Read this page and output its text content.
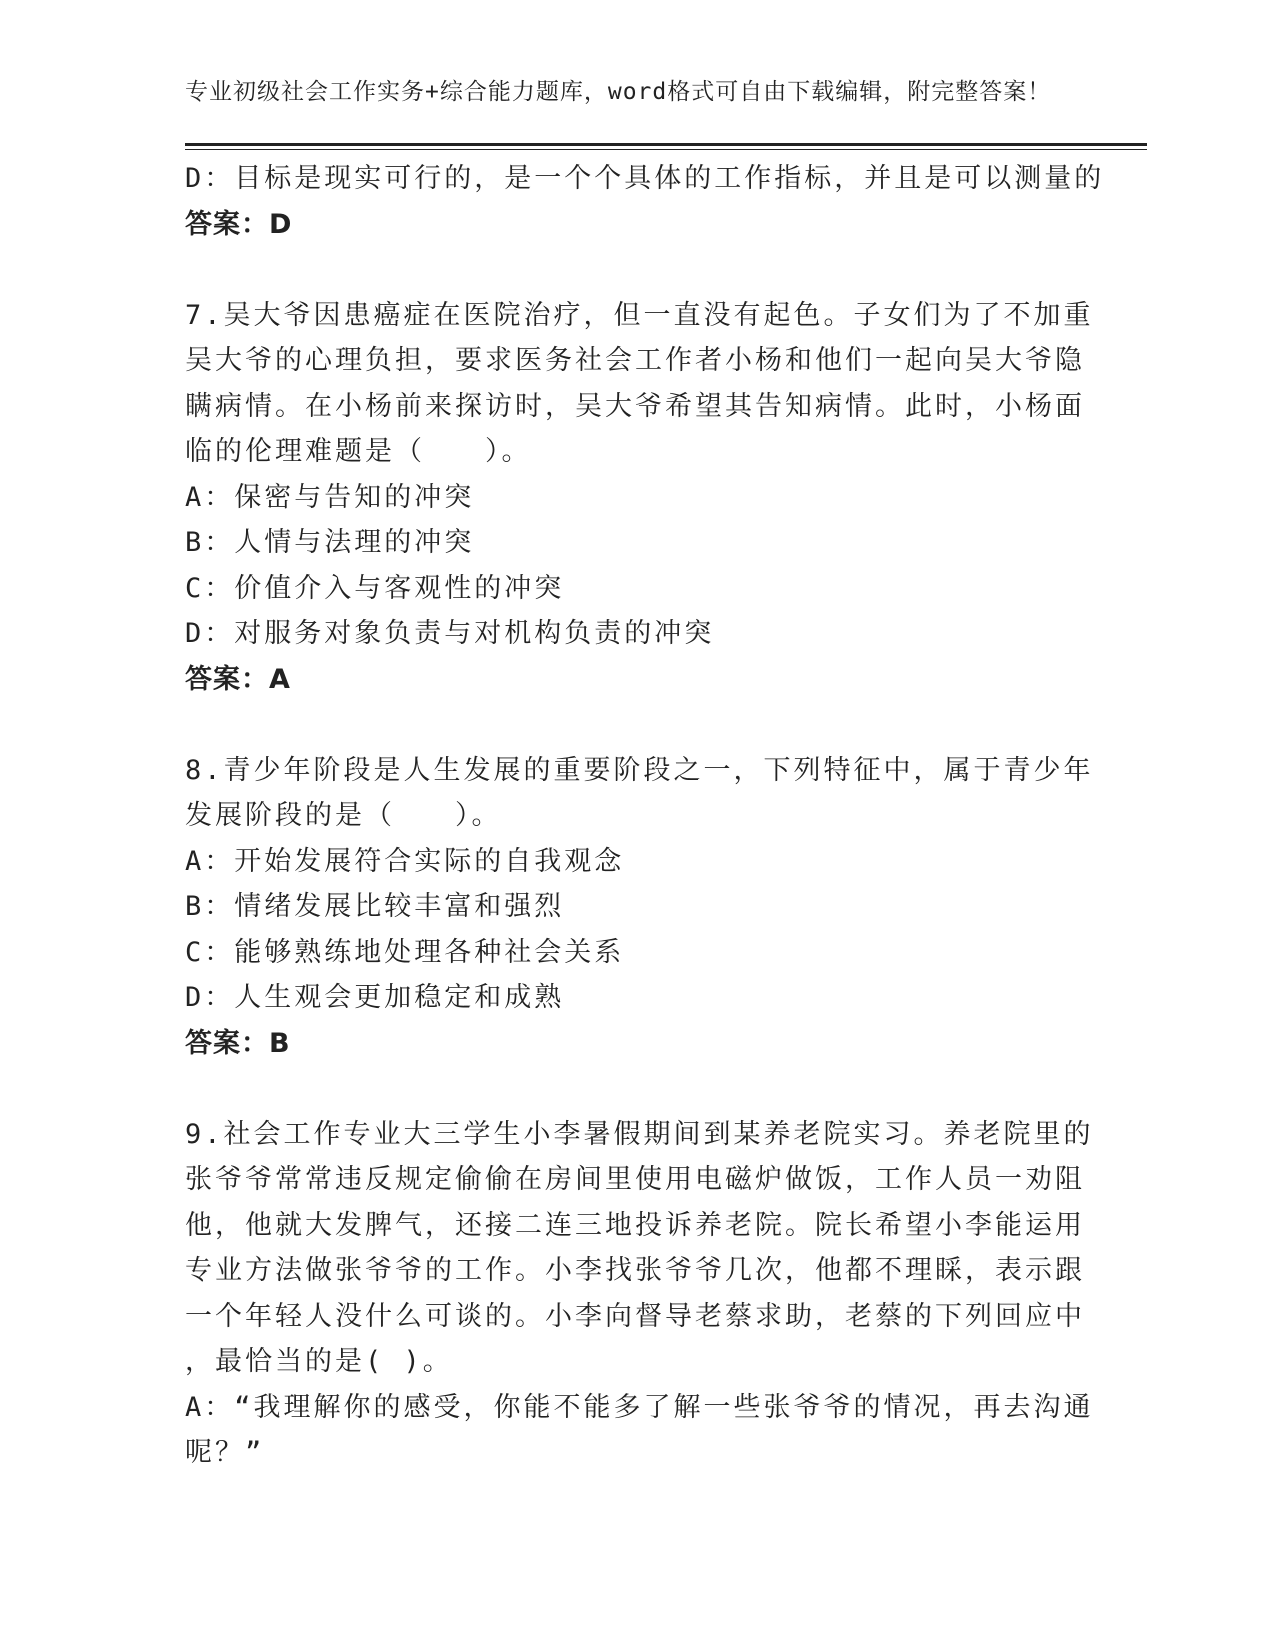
专业初级社会工作实务+综合能力题库，word格式可自由下载编辑，附完整答案！
D：目标是现实可行的，是一个个具体的工作指标，并且是可以测量的
答案：D
7.吴大爷因患癌症在医院治疗，但一直没有起色。子女们为了不加重
吴大爷的心理负担，要求医务社会工作者小杨和他们一起向吴大爷隐
瞒病情。在小杨前来探访时，吴大爷希望其告知病情。此时，小杨面
临的伦理难题是（　　）。
A：保密与告知的冲突
B：人情与法理的冲突
C：价值介入与客观性的冲突
D：对服务对象负责与对机构负责的冲突
答案：A
8.青少年阶段是人生发展的重要阶段之一，下列特征中，属于青少年
发展阶段的是（　　）。
A：开始发展符合实际的自我观念
B：情绪发展比较丰富和强烈
C：能够熟练地处理各种社会关系
D：人生观会更加稳定和成熟
答案：B
9.社会工作专业大三学生小李暑假期间到某养老院实习。养老院里的
张爷爷常常违反规定偷偷在房间里使用电磁炉做饭，工作人员一劝阻
他，他就大发脾气，还接二连三地投诉养老院。院长希望小李能运用
专业方法做张爷爷的工作。小李找张爷爷几次，他都不理睬，表示跟
一个年轻人没什么可谈的。小李向督导老蔡求助，老蔡的下列回应中
，最恰当的是( )。
A：“我理解你的感受，你能不能多了解一些张爷爷的情况，再去沟通
呢？”
